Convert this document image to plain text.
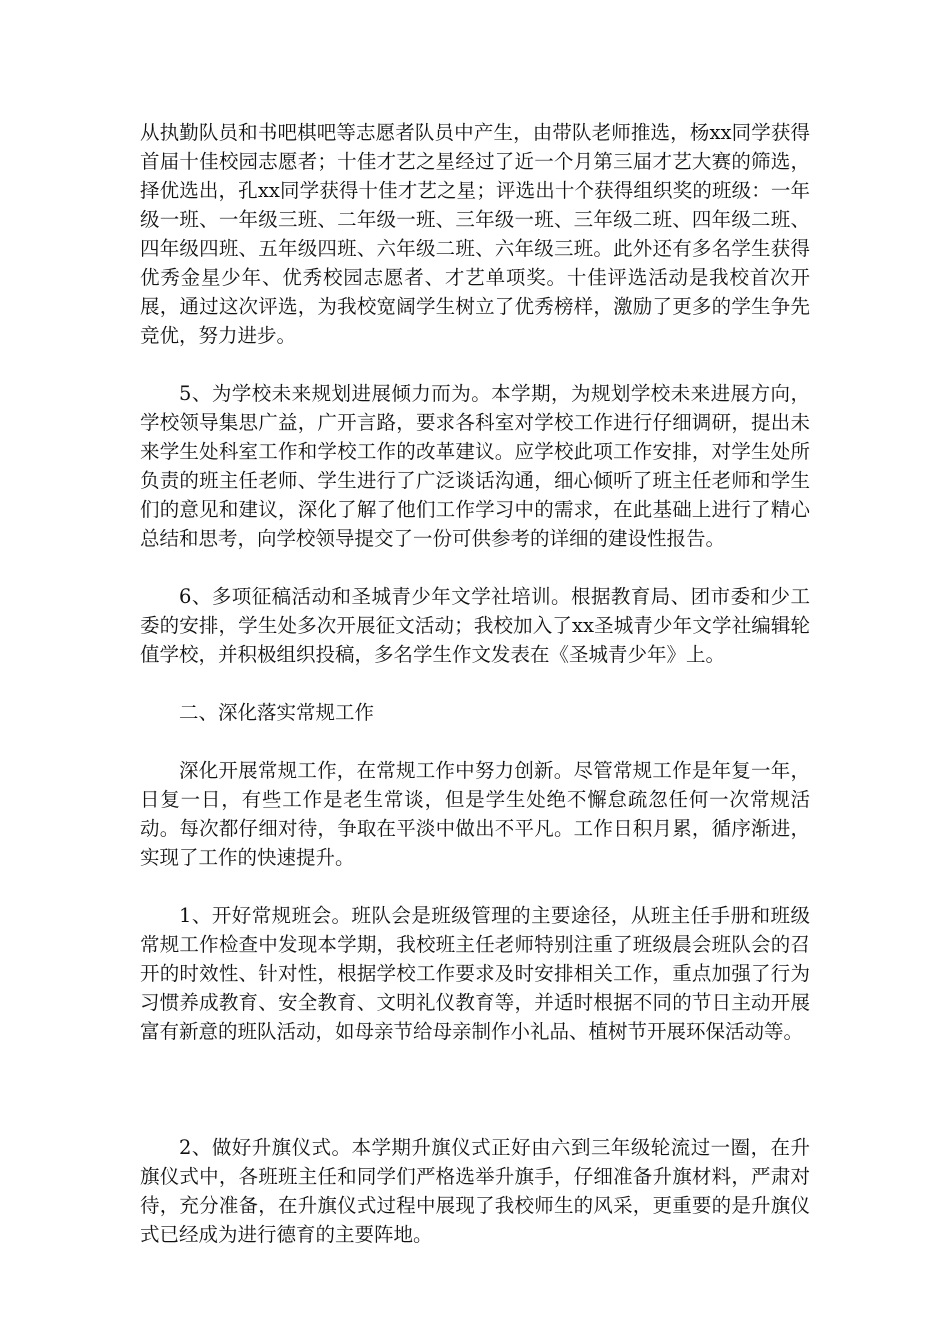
从执勤队员和书吧棋吧等志愿者队员中产生，由带队老师推选，杨xx同学获得首届十佳校园志愿者；十佳才艺之星经过了近一个月第三届才艺大赛的筛选，择优选出，孔xx同学获得十佳才艺之星；评选出十个获得组织奖的班级：一年级一班、一年级三班、二年级一班、三年级一班、三年级二班、四年级二班、四年级四班、五年级四班、六年级二班、六年级三班。此外还有多名学生获得优秀金星少年、优秀校园志愿者、才艺单项奖。十佳评选活动是我校首次开展，通过这次评选，为我校宽阔学生树立了优秀榜样，激励了更多的学生争先竞优，努力进步。

5、为学校未来规划进展倾力而为。本学期，为规划学校未来进展方向，学校领导集思广益，广开言路，要求各科室对学校工作进行仔细调研，提出未来学生处科室工作和学校工作的改革建议。应学校此项工作安排，对学生处所负责的班主任老师、学生进行了广泛谈话沟通，细心倾听了班主任老师和学生们的意见和建议，深化了解了他们工作学习中的需求，在此基础上进行了精心总结和思考，向学校领导提交了一份可供参考的详细的建设性报告。

6、多项征稿活动和圣城青少年文学社培训。根据教育局、团市委和少工委的安排，学生处多次开展征文活动；我校加入了xx圣城青少年文学社编辑轮值学校，并积极组织投稿，多名学生作文发表在《圣城青少年》上。

二、深化落实常规工作

深化开展常规工作，在常规工作中努力创新。尽管常规工作是年复一年，日复一日，有些工作是老生常谈，但是学生处绝不懈怠疏忽任何一次常规活动。每次都仔细对待，争取在平淡中做出不平凡。工作日积月累，循序渐进，实现了工作的快速提升。

1、开好常规班会。班队会是班级管理的主要途径，从班主任手册和班级常规工作检查中发现本学期，我校班主任老师特别注重了班级晨会班队会的召开的时效性、针对性，根据学校工作要求及时安排相关工作，重点加强了行为习惯养成教育、安全教育、文明礼仪教育等，并适时根据不同的节日主动开展富有新意的班队活动，如母亲节给母亲制作小礼品、植树节开展环保活动等。

2、做好升旗仪式。本学期升旗仪式正好由六到三年级轮流过一圈，在升旗仪式中，各班班主任和同学们严格选举升旗手，仔细准备升旗材料，严肃对待，充分准备，在升旗仪式过程中展现了我校师生的风采，更重要的是升旗仪式已经成为进行德育的主要阵地。
